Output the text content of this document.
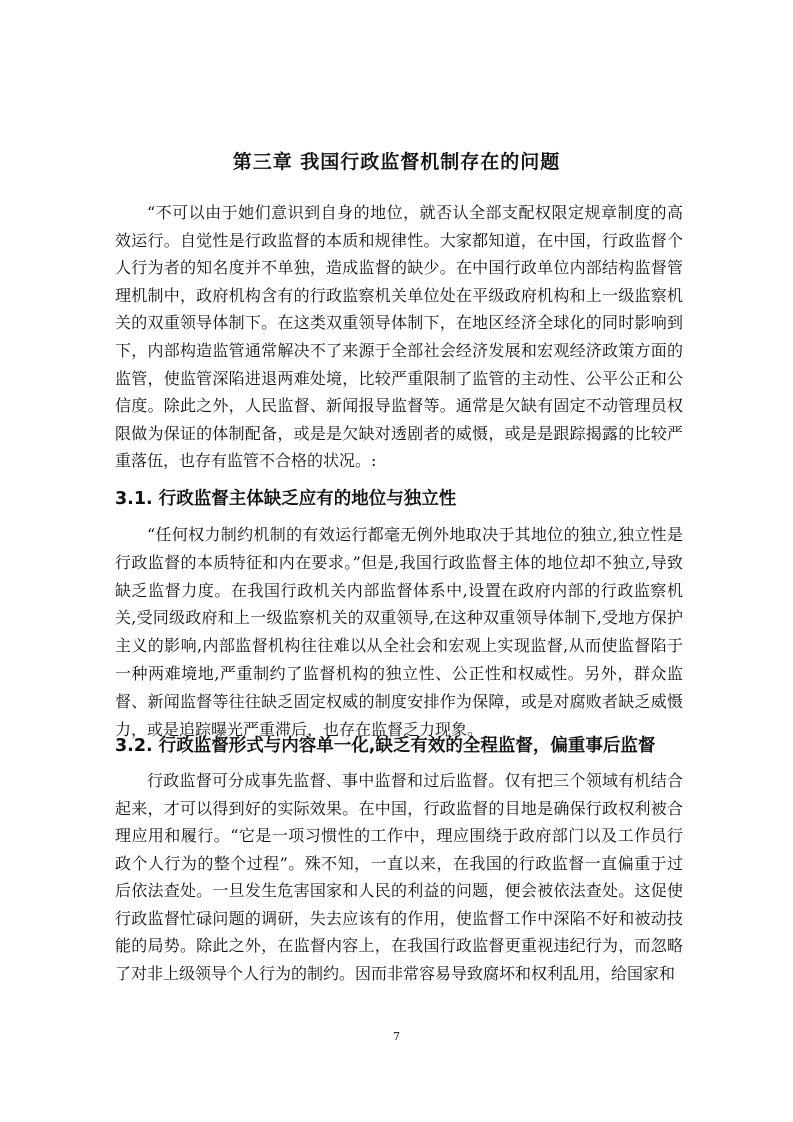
第三章 我国行政监督机制存在的问题

“不可以由于她们意识到自身的地位，就否认全部支配权限定规章制度的高效运行。自觉性是行政监督的本质和规律性。大家都知道，在中国，行政监督个人行为者的知名度并不单独，造成监督的缺少。在中国行政单位内部结构监督管理机制中，政府机构含有的行政监察机关单位处在平级政府机构和上一级监察机关的双重领导体制下。在这类双重领导体制下，在地区经济全球化的同时影响到下，内部构造监管通常解决不了来源于全部社会经济发展和宏观经济政策方面的监管，使监管深陷进退两难处境，比较严重限制了监管的主动性、公平公正和公信度。除此之外，人民监督、新闻报导监督等。通常是欠缺有固定不动管理员权限做为保证的体制配备，或是是欠缺对透剧者的威慑，或是是跟踪揭露的比较严重落伍，也存有监管不合格的状况。:

3.1. 行政监督主体缺乏应有的地位与独立性

“任何权力制约机制的有效运行都毫无例外地取决于其地位的独立,独立性是行政监督的本质特征和内在要求。”但是,我国行政监督主体的地位却不独立,导致缺乏监督力度。在我国行政机关内部监督体系中,设置在政府内部的行政监察机关,受同级政府和上一级监察机关的双重领导,在这种双重领导体制下,受地方保护主义的影响,内部监督机构往往难以从全社会和宏观上实现监督,从而使监督陷于一种两难境地,严重制约了监督机构的独立性、公正性和权威性。另外，群众监督、新闻监督等往往缺乏固定权威的制度安排作为保障，或是对腐败者缺乏威慑力，或是追踪曝光严重滞后，也存在监督乏力现象。

3.2. 行政监督形式与内容单一化,缺乏有效的全程监督，偏重事后监督

行政监督可分成事先监督、事中监督和过后监督。仅有把三个领域有机结合起来，才可以得到好的实际效果。在中国，行政监督的目地是确保行政权利被合理应用和履行。“它是一项习惯性的工作中，理应围绕于政府部门以及工作员行政个人行为的整个过程”。殊不知，一直以来，在我国的行政监督一直偏重于过后依法查处。一旦发生危害国家和人民的利益的问题，便会被依法查处。这促使行政监督忙碌问题的调研，失去应该有的作用，使监督工作中深陷不好和被动技能的局势。除此之外，在监督内容上，在我国行政监督更重视违纪行为，而忽略了对非上级领导个人行为的制约。因而非常容易导致腐坏和权利乱用，给国家和

7
